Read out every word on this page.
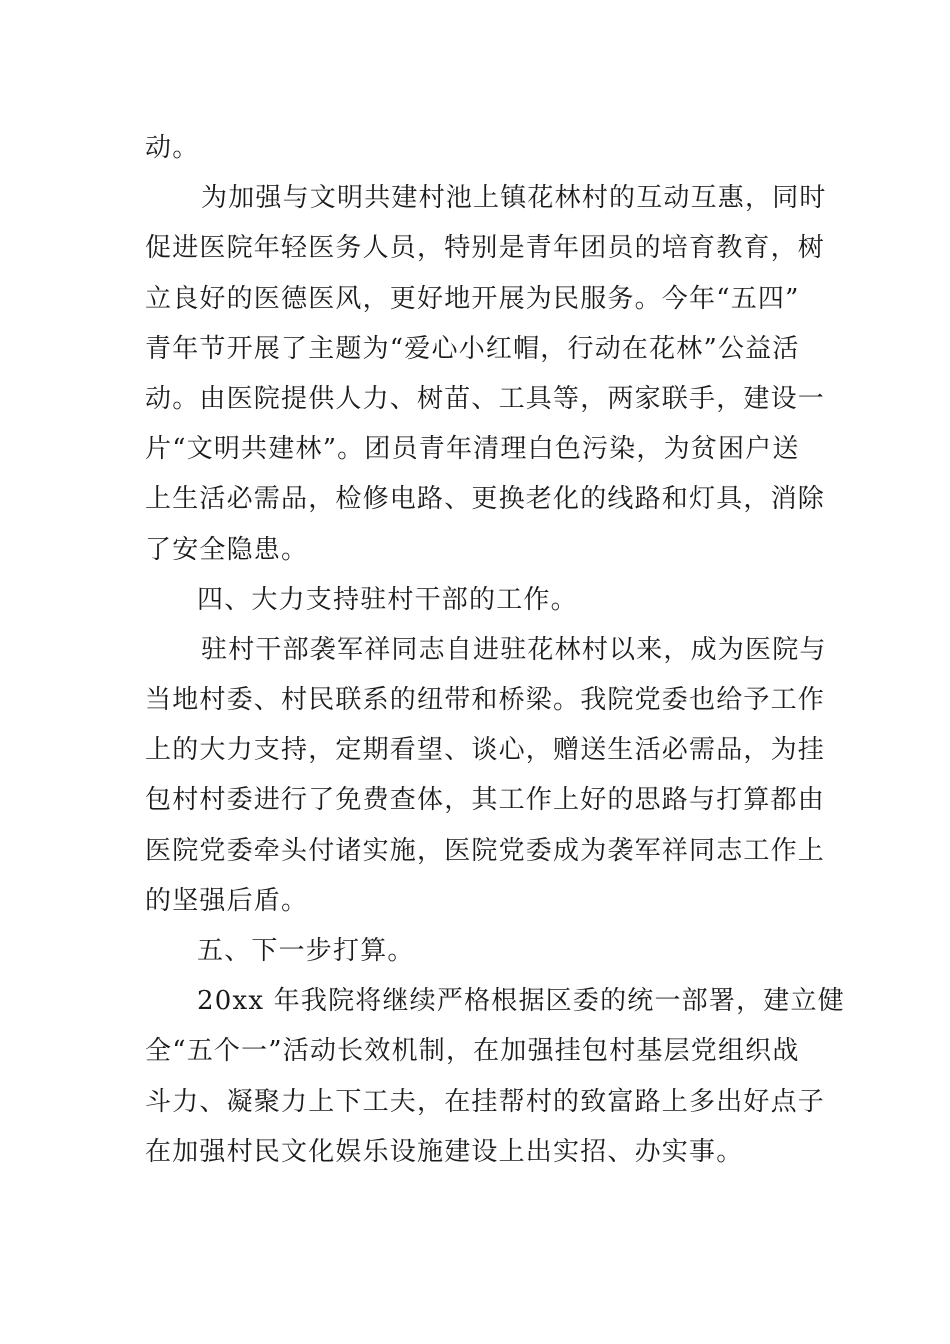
动。
为加强与文明共建村池上镇花林村的互动互惠，同时
促进医院年轻医务人员，特别是青年团员的培育教育，树
立良好的医德医风，更好地开展为民服务。今年“五四”
青年节开展了主题为“爱心小红帽，行动在花林”公益活
动。由医院提供人力、树苗、工具等，两家联手，建设一
片“文明共建林”。团员青年清理白色污染，为贫困户送
上生活必需品，检修电路、更换老化的线路和灯具，消除
了安全隐患。
四、大力支持驻村干部的工作。
驻村干部袭军祥同志自进驻花林村以来，成为医院与
当地村委、村民联系的纽带和桥梁。我院党委也给予工作
上的大力支持，定期看望、谈心，赠送生活必需品，为挂
包村村委进行了免费查体，其工作上好的思路与打算都由
医院党委牵头付诸实施，医院党委成为袭军祥同志工作上
的坚强后盾。
五、下一步打算。
20xx 年我院将继续严格根据区委的统一部署，建立健
全“五个一”活动长效机制，在加强挂包村基层党组织战
斗力、凝聚力上下工夫，在挂帮村的致富路上多出好点子
在加强村民文化娱乐设施建设上出实招、办实事。
